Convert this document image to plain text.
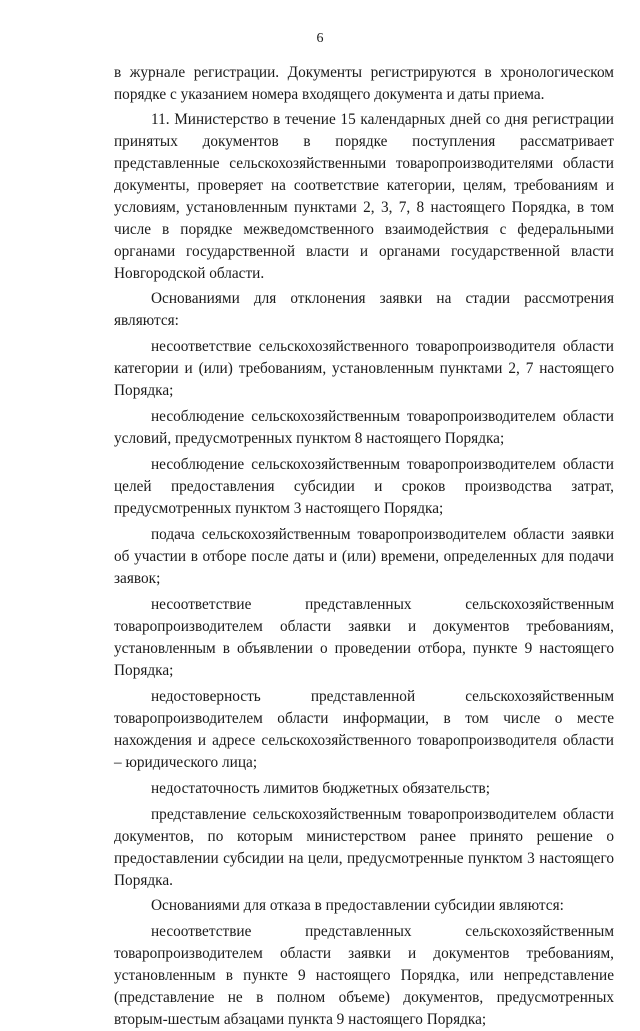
6

в журнале регистрации. Документы регистрируются в хронологическом порядке с указанием номера входящего документа и даты приема.

11. Министерство в течение 15 календарных дней со дня регистрации принятых документов в порядке поступления рассматривает представленные сельскохозяйственными товаропроизводителями области документы, проверяет на соответствие категории, целям, требованиям и условиям, установленным пунктами 2, 3, 7, 8 настоящего Порядка, в том числе в порядке межведомственного взаимодействия с федеральными органами государственной власти и органами государственной власти Новгородской области.

Основаниями для отклонения заявки на стадии рассмотрения являются:

несоответствие сельскохозяйственного товаропроизводителя области категории и (или) требованиям, установленным пунктами 2, 7 настоящего Порядка;

несоблюдение сельскохозяйственным товаропроизводителем области условий, предусмотренных пунктом 8 настоящего Порядка;

несоблюдение сельскохозяйственным товаропроизводителем области целей предоставления субсидии и сроков производства затрат, предусмотренных пунктом 3 настоящего Порядка;

подача сельскохозяйственным товаропроизводителем области заявки об участии в отборе после даты и (или) времени, определенных для подачи заявок;

несоответствие представленных сельскохозяйственным товаропроизводителем области заявки и документов требованиям, установленным в объявлении о проведении отбора, пункте 9 настоящего Порядка;

недостоверность представленной сельскохозяйственным товаропроизводителем области информации, в том числе о месте нахождения и адресе сельскохозяйственного товаропроизводителя области – юридического лица;

недостаточность лимитов бюджетных обязательств;

представление сельскохозяйственным товаропроизводителем области документов, по которым министерством ранее принято решение о предоставлении субсидии на цели, предусмотренные пунктом 3 настоящего Порядка.

Основаниями для отказа в предоставлении субсидии являются:

несоответствие представленных сельскохозяйственным товаропроизводителем области заявки и документов требованиям, установленным в пункте 9 настоящего Порядка, или непредставление (представление не в полном объеме) документов, предусмотренных вторым-шестым абзацами пункта 9 настоящего Порядка;
